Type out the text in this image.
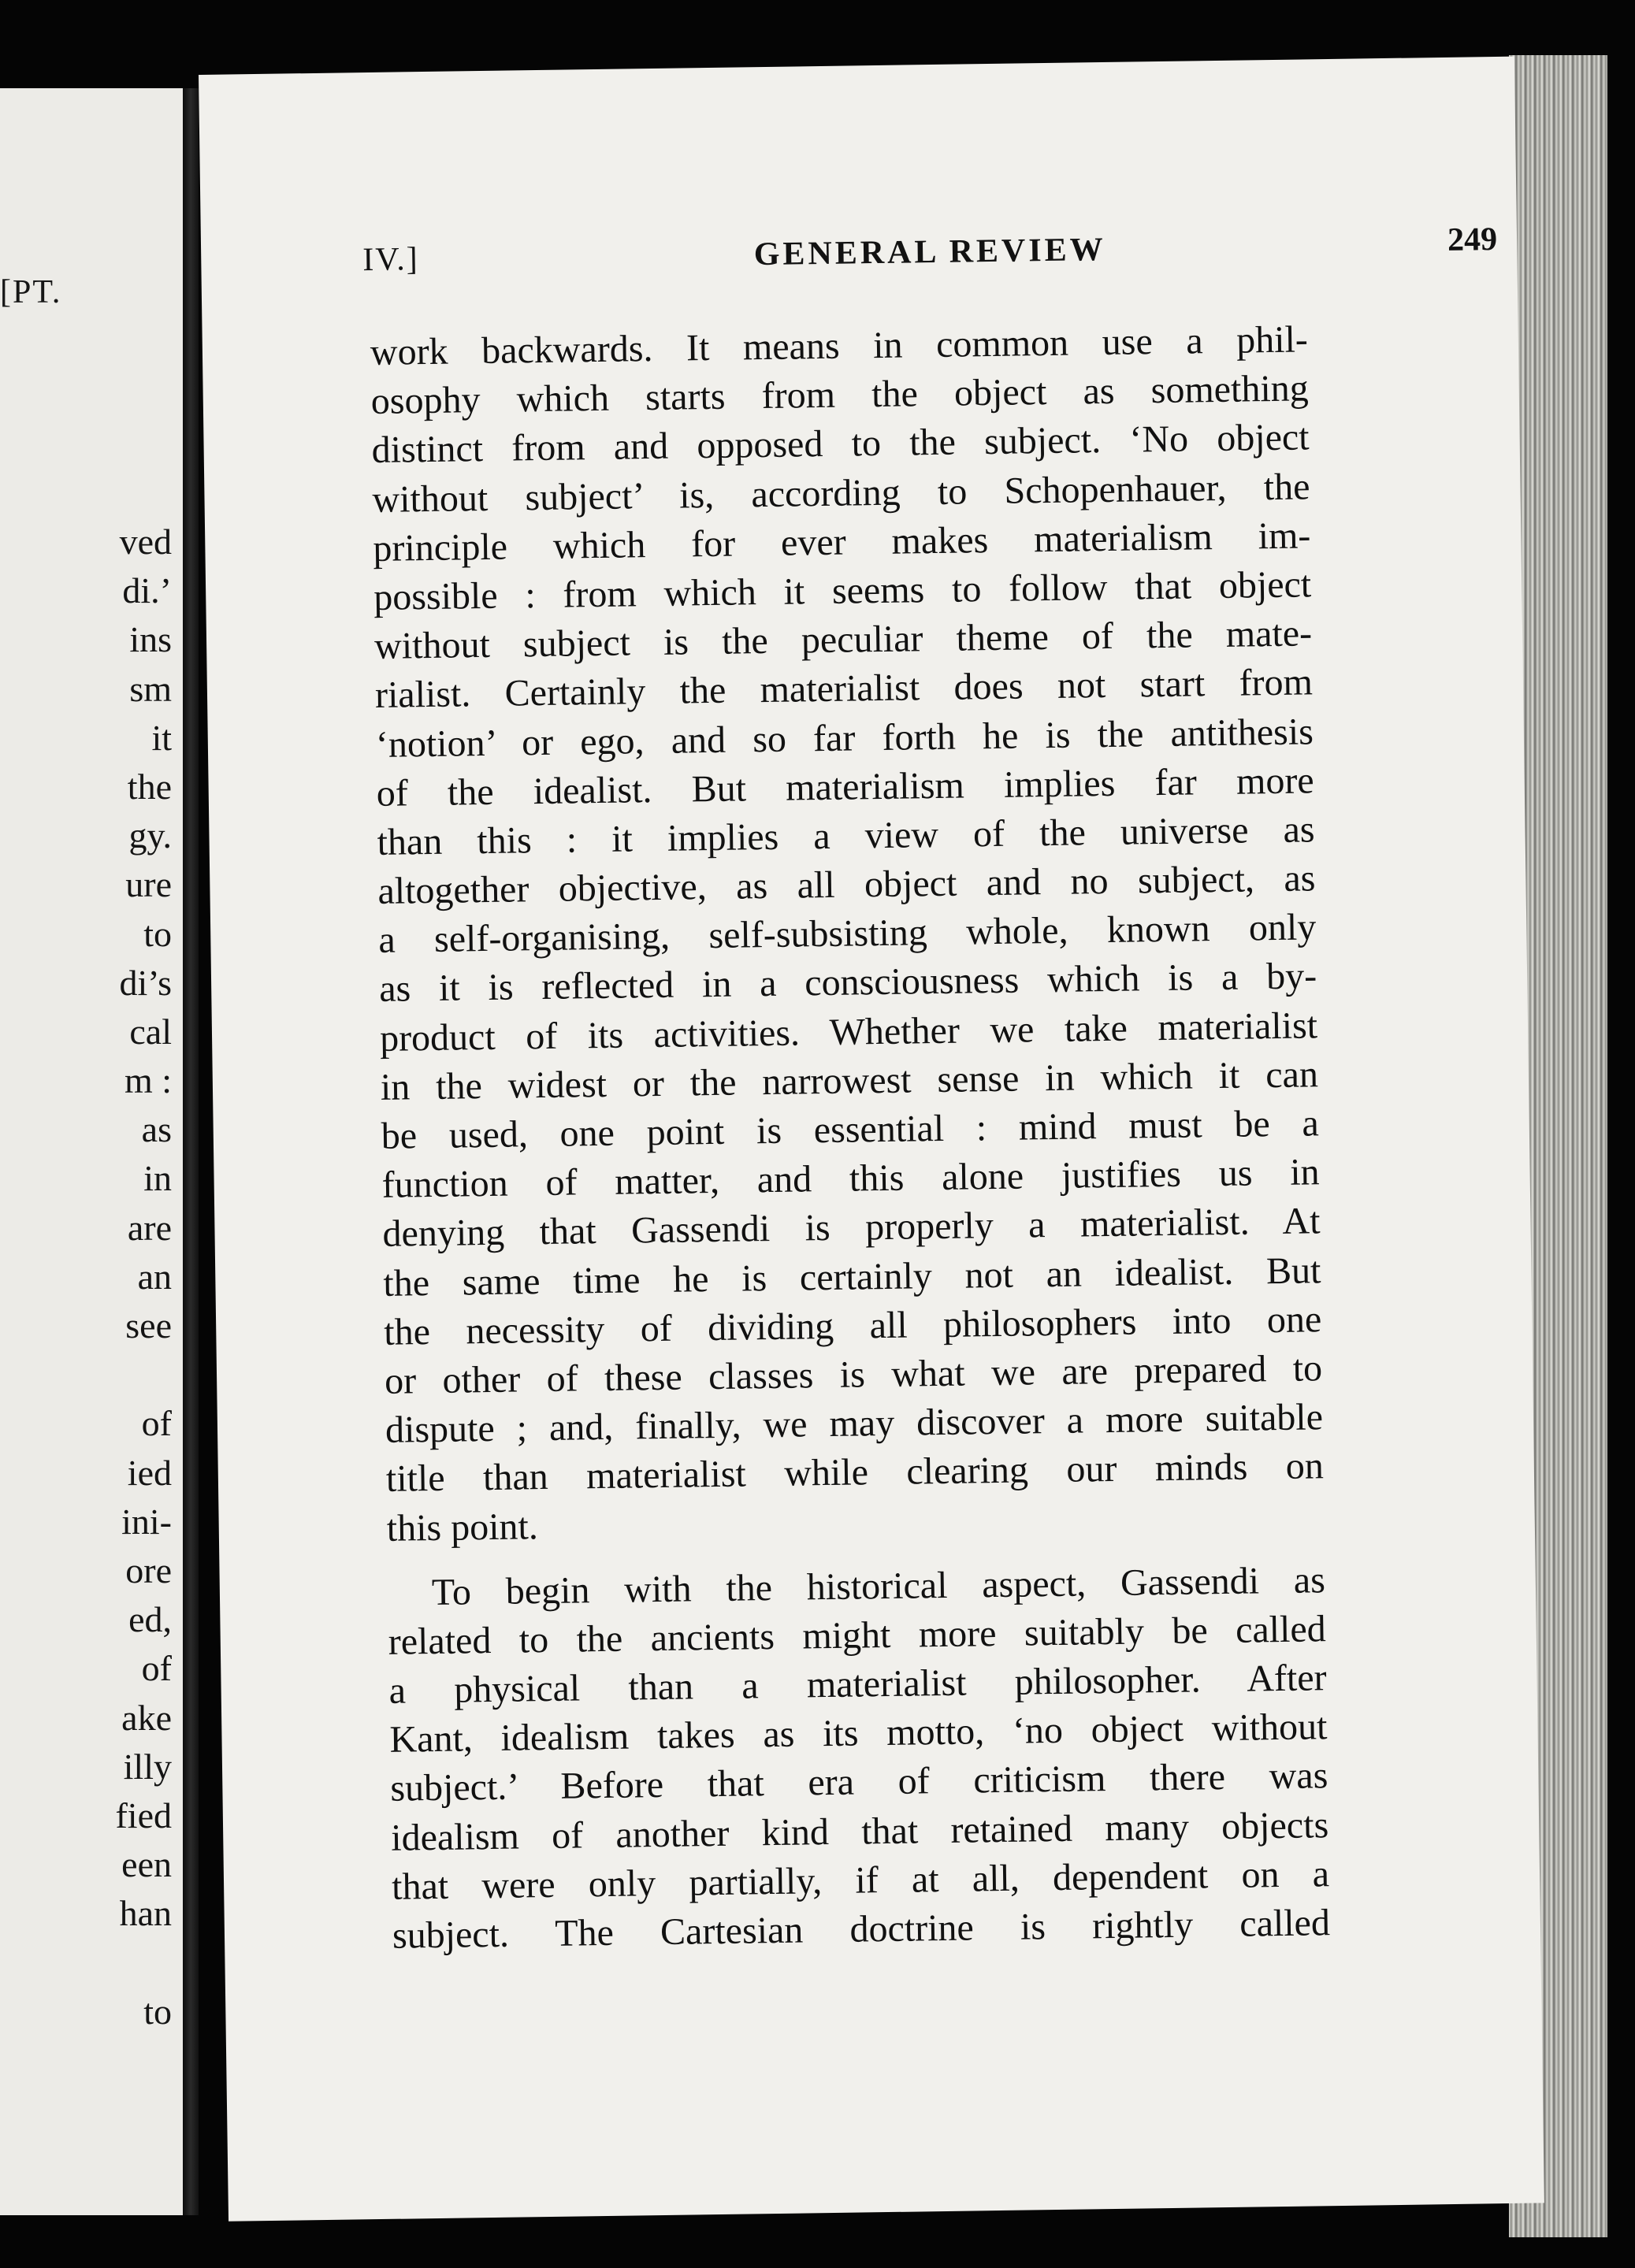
[PT.
ved
di.’
ins
sm
it
the
gy.
ure
to
di’s
cal
m :
as
in
are
an
see
of
ied
ini-
ore
ed,
of
ake
illy
fied
een
han
to
IV.]	GENERAL REVIEW	249
work backwards. It means in common use a phil-
osophy which starts from the object as something
distinct from and opposed to the subject. ‘No object
without subject’ is, according to Schopenhauer, the
principle which for ever makes materialism im-
possible : from which it seems to follow that object
without subject is the peculiar theme of the mate-
rialist. Certainly the materialist does not start from
‘notion’ or ego, and so far forth he is the antithesis
of the idealist. But materialism implies far more
than this : it implies a view of the universe as
altogether objective, as all object and no subject, as
a self-organising, self-subsisting whole, known only
as it is reflected in a consciousness which is a by-
product of its activities. Whether we take materialist
in the widest or the narrowest sense in which it can
be used, one point is essential : mind must be a
function of matter, and this alone justifies us in
denying that Gassendi is properly a materialist. At
the same time he is certainly not an idealist. But
the necessity of dividing all philosophers into one
or other of these classes is what we are prepared to
dispute ; and, finally, we may discover a more suitable
title than materialist while clearing our minds on
this point.
To begin with the historical aspect, Gassendi as
related to the ancients might more suitably be called
a physical than a materialist philosopher. After
Kant, idealism takes as its motto, ‘no object without
subject.’ Before that era of criticism there was
idealism of another kind that retained many objects
that were only partially, if at all, dependent on a
subject. The Cartesian doctrine is rightly called
